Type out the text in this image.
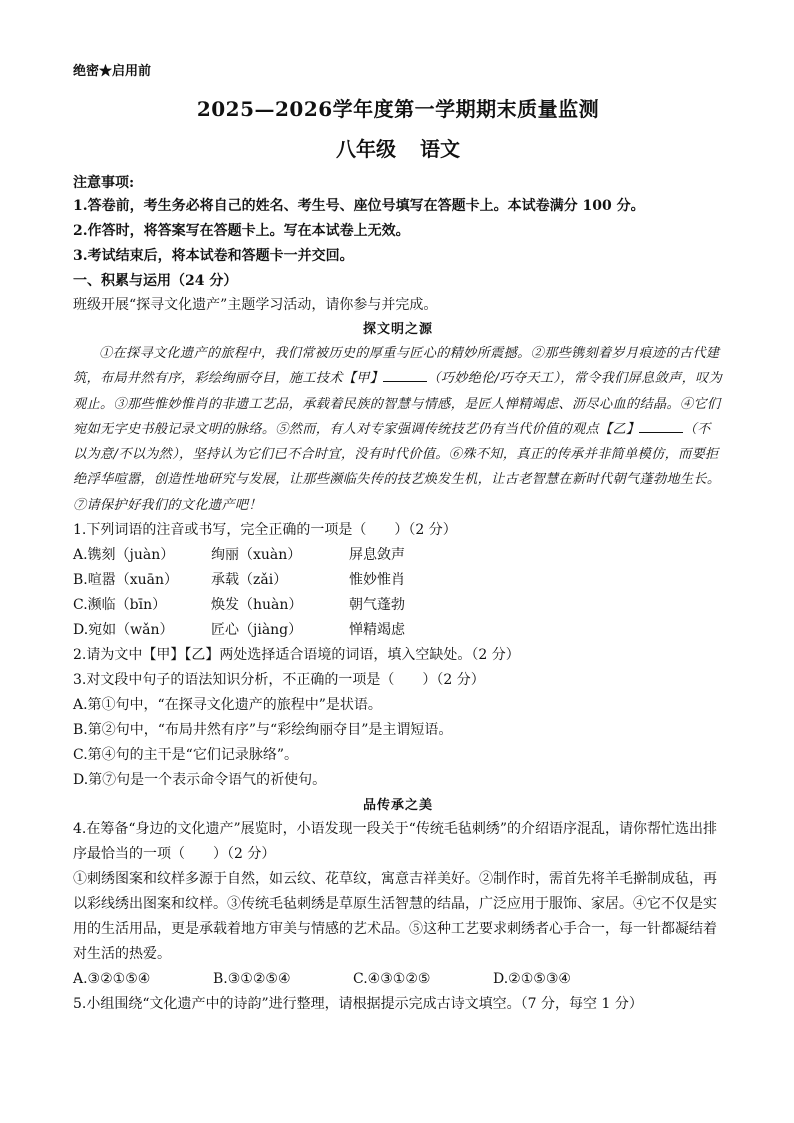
绝密★启用前
2025—2026学年度第一学期期末质量监测
八年级 语文
注意事项:
1.答卷前，考生务必将自己的姓名、考生号、座位号填写在答题卡上。本试卷满分 100 分。
2.作答时，将答案写在答题卡上。写在本试卷上无效。
3.考试结束后，将本试卷和答题卡一并交回。
一、积累与运用（24 分）
班级开展“探寻文化遗产”主题学习活动，请你参与并完成。
探文明之源
①在探寻文化遗产的旅程中，我们常被历史的厚重与匠心的精妙所震撼。②那些镌刻着岁月痕迹的古代建筑，布局井然有序，彩绘绚丽夺目，施工技术【甲】	（巧妙绝伦/巧夺天工），常令我们屏息敛声，叹为观止。③那些惟妙惟肖的非遗工艺品，承载着民族的智慧与情感，是匠人惮精竭虑、沥尽心血的结晶。④它们宛如无字史书般记录文明的脉络。⑤然而，有人对专家强调传统技艺仍有当代价值的观点【乙】	（不以为意/不以为然），坚持认为它们已不合时宜，没有时代价值。⑥殊不知，真正的传承并非简单模仿，而要拒绝浮华喧嚣，创造性地研究与发展，让那些濒临失传的技艺焕发生机，让古老智慧在新时代朝气蓬勃地生长。⑦请保护好我们的文化遗产吧！
1.下列词语的注音或书写，完全正确的一项是（　　）（2 分）
A.镌刻（juàn）	绚丽（xuàn）	屏息敛声
B.喧嚣（xuān）	承载（zǎi）	惟妙惟肖
C.濒临（bīn）	焕发（huàn）	朝气蓬勃
D.宛如（wǎn）	匠心（jiàng）	惮精竭虑
2.请为文中【甲】【乙】两处选择适合语境的词语，填入空缺处。（2 分）
3.对文段中句子的语法知识分析，不正确的一项是（　　）（2 分）
A.第①句中，“在探寻文化遗产的旅程中”是状语。
B.第②句中，“布局井然有序”与“彩绘绚丽夺目”是主谓短语。
C.第④句的主干是“它们记录脉络”。
D.第⑦句是一个表示命令语气的祈使句。
品传承之美
4.在筹备“身边的文化遗产”展览时，小语发现一段关于“传统毛毡刺绣”的介绍语序混乱，请你帮忙选出排序最恰当的一项（　　）（2 分）
①刺绣图案和纹样多源于自然，如云纹、花草纹，寓意吉祥美好。②制作时，需首先将羊毛擀制成毡，再以彩线绣出图案和纹样。③传统毛毡刺绣是草原生活智慧的结晶，广泛应用于服饰、家居。④它不仅是实用的生活用品，更是承载着地方审美与情感的艺术品。⑤这种工艺要求刺绣者心手合一，每一针都凝结着对生活的热爱。
A.③②①⑤④	B.③①②⑤④	C.④③①②⑤	D.②①⑤③④
5.小组围绕“文化遗产中的诗韵”进行整理，请根据提示完成古诗文填空。（7 分，每空 1 分）
